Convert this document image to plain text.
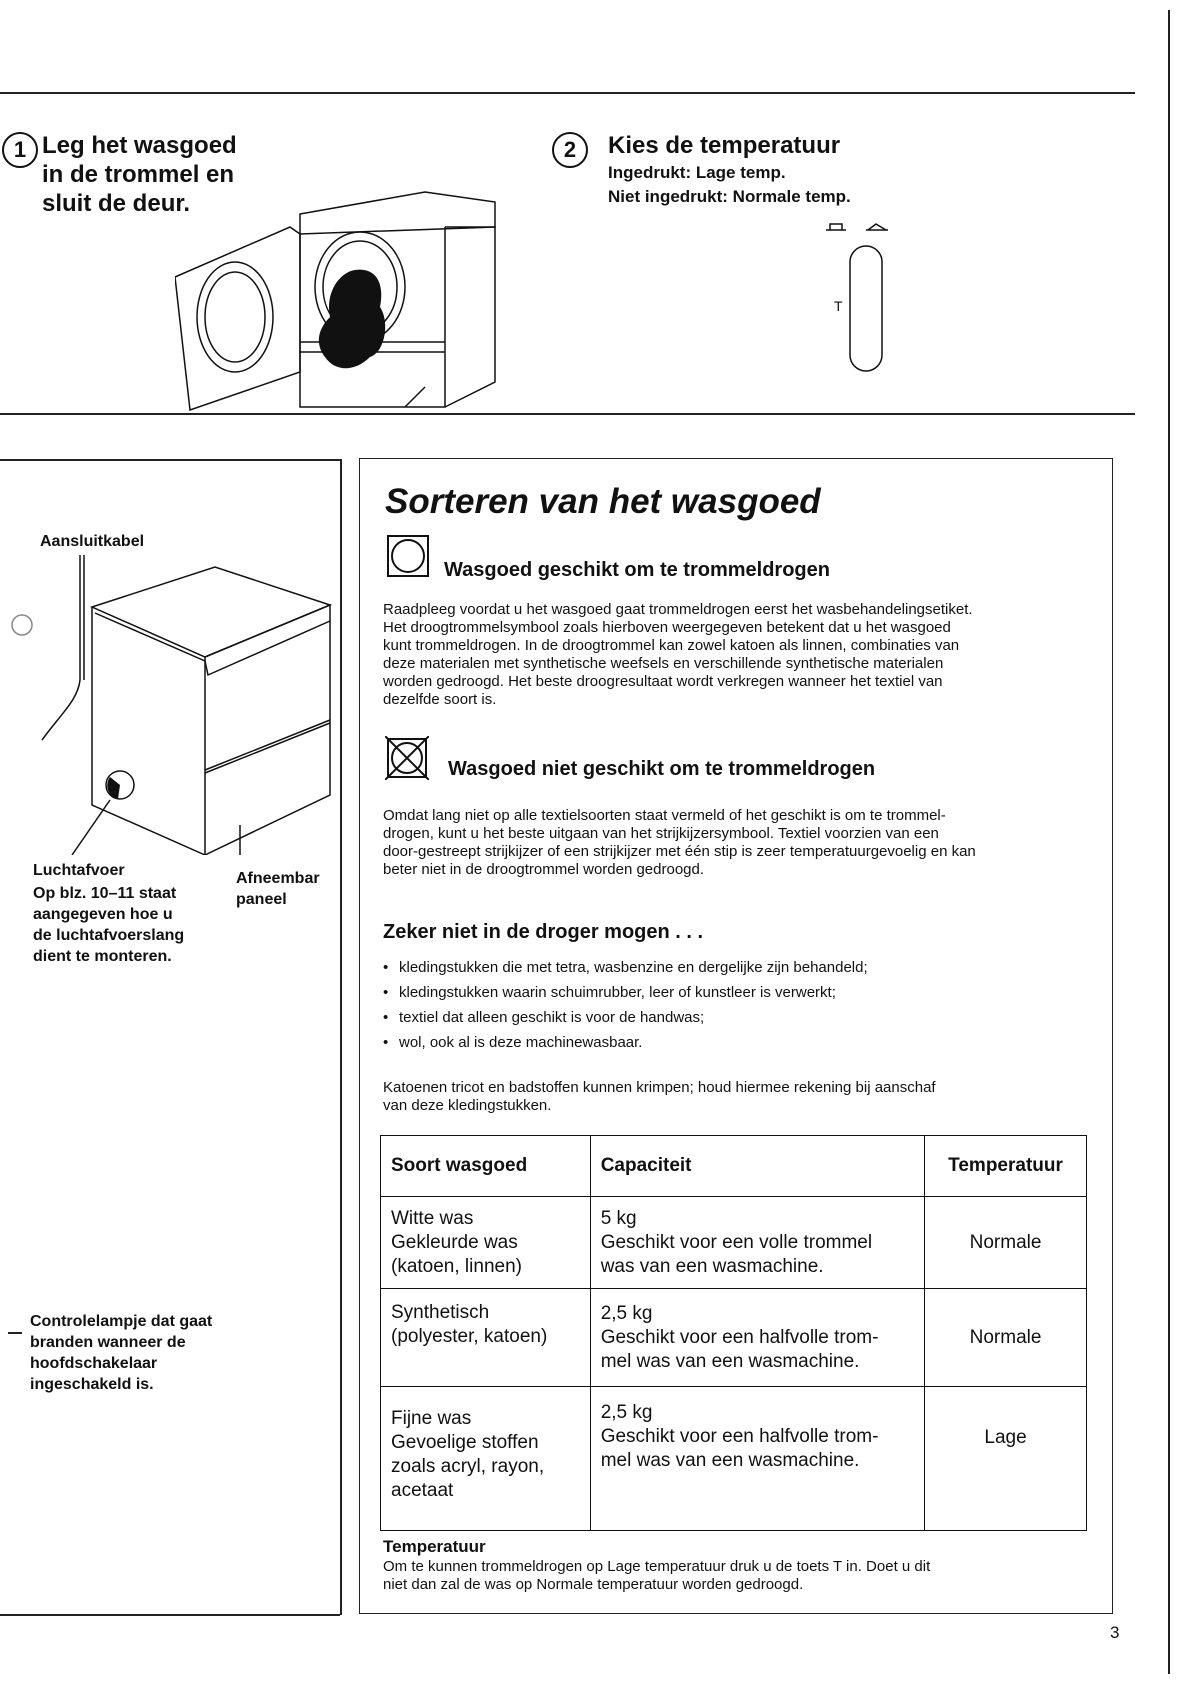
1 Leg het wasgoed
in de trommel en
sluit de deur.
2	Kies de temperatuur
Ingedrukt: Lage temp.
Niet ingedrukt: Normale temp.
T
Aansluitkabel
Luchtafvoer
Op blz. 10–11 staat
aangegeven hoe u
de luchtafvoerslang
dient te monteren.
Afneembar
paneel
Controlelampje dat gaat
branden wanneer de
hoofdschakelaar
ingeschakeld is.
Sorteren van het wasgoed
Wasgoed geschikt om te trommeldrogen
Raadpleeg voordat u het wasgoed gaat trommeldrogen eerst het wasbehandelingsetiket.
Het droogtrommelsymbool zoals hierboven weergegeven betekent dat u het wasgoed
kunt trommeldrogen. In de droogtrommel kan zowel katoen als linnen, combinaties van
deze materialen met synthetische weefsels en verschillende synthetische materialen
worden gedroogd. Het beste droogresultaat wordt verkregen wanneer het textiel van
dezelfde soort is.
Wasgoed niet geschikt om te trommeldrogen
Omdat lang niet op alle textielsoorten staat vermeld of het geschikt is om te trommel-
drogen, kunt u het beste uitgaan van het strijkijzersymbool. Textiel voorzien van een
door-gestreept strijkijzer of een strijkijzer met één stip is zeer temperatuurgevoelig en kan
beter niet in de droogtrommel worden gedroogd.
Zeker niet in de droger mogen . . .
• kledingstukken die met tetra, wasbenzine en dergelijke zijn behandeld;
• kledingstukken waarin schuimrubber, leer of kunstleer is verwerkt;
• textiel dat alleen geschikt is voor de handwas;
• wol, ook al is deze machinewasbaar.
Katoenen tricot en badstoffen kunnen krimpen; houd hiermee rekening bij aanschaf
van deze kledingstukken.
Soort wasgoed	Capaciteit	Temperatuur

Witte was
Gekleurde was
(katoen, linnen)	5 kg
Geschikt voor een volle trommel
was van een wasmachine.	Normale

Synthetisch
(polyester, katoen)	2,5 kg
Geschikt voor een halfvolle trom-
mel was van een wasmachine.	Normale

Fijne was
Gevoelige stoffen
zoals acryl, rayon,
acetaat	2,5 kg
Geschikt voor een halfvolle trom-
mel was van een wasmachine.	Lage
Temperatuur
Om te kunnen trommeldrogen op Lage temperatuur druk u de toets T in. Doet u dit
niet dan zal de was op Normale temperatuur worden gedroogd.
3
